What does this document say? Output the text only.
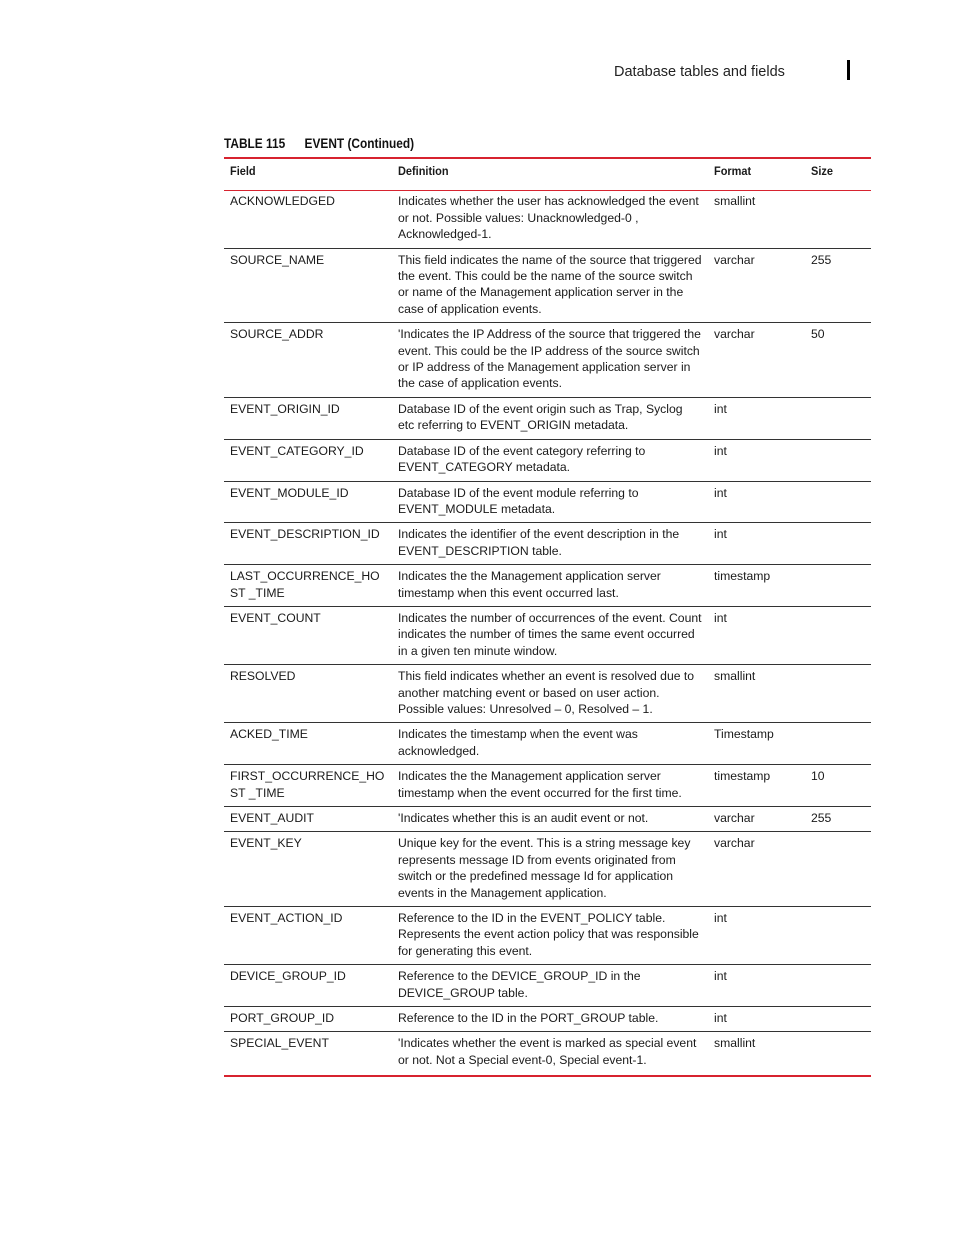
Database tables and fields
TABLE 115 EVENT (Continued)
Field	Definition	Format	Size
ACKNOWLEDGED	Indicates whether the user has acknowledged the event or not. Possible values: Unacknowledged-0 , Acknowledged-1.	smallint	
SOURCE_NAME	This field indicates the name of the source that triggered the event. This could be the name of the source switch or name of the Management application server in the case of application events.	varchar	255
SOURCE_ADDR	'Indicates the IP Address of the source that triggered the event. This could be the IP address of the source switch or IP address of the Management application server in the case of application events.	varchar	50
EVENT_ORIGIN_ID	Database ID of the event origin such as Trap, Syclog etc referring to EVENT_ORIGIN metadata.	int	
EVENT_CATEGORY_ID	Database ID of the event category referring to EVENT_CATEGORY metadata.	int	
EVENT_MODULE_ID	Database ID of the event module referring to EVENT_MODULE metadata.	int	
EVENT_DESCRIPTION_ID	Indicates the identifier of the event description in the EVENT_DESCRIPTION table.	int	
LAST_OCCURRENCE_HOST _TIME	Indicates the the Management application server timestamp when this event occurred last.	timestamp	
EVENT_COUNT	Indicates the number of occurrences of the event. Count indicates the number of times the same event occurred in a given ten minute window.	int	
RESOLVED	This field indicates whether an event is resolved due to another matching event or based on user action. Possible values: Unresolved – 0, Resolved – 1.	smallint	
ACKED_TIME	Indicates the timestamp when the event was acknowledged.	Timestamp	
FIRST_OCCURRENCE_HOST _TIME	Indicates the the Management application server timestamp when the event occurred for the first time.	timestamp	10
EVENT_AUDIT	'Indicates whether this is an audit event or not.	varchar	255
EVENT_KEY	Unique key for the event. This is a string message key represents message ID from events originated from switch or the predefined message Id for application events in the Management application.	varchar	
EVENT_ACTION_ID	Reference to the ID in the EVENT_POLICY table. Represents the event action policy that was responsible for generating this event.	int	
DEVICE_GROUP_ID	Reference to the DEVICE_GROUP_ID in the DEVICE_GROUP table.	int	
PORT_GROUP_ID	Reference to the ID in the PORT_GROUP table.	int	
SPECIAL_EVENT	'Indicates whether the event is marked as special event or not. Not a Special event-0, Special event-1.	smallint	
